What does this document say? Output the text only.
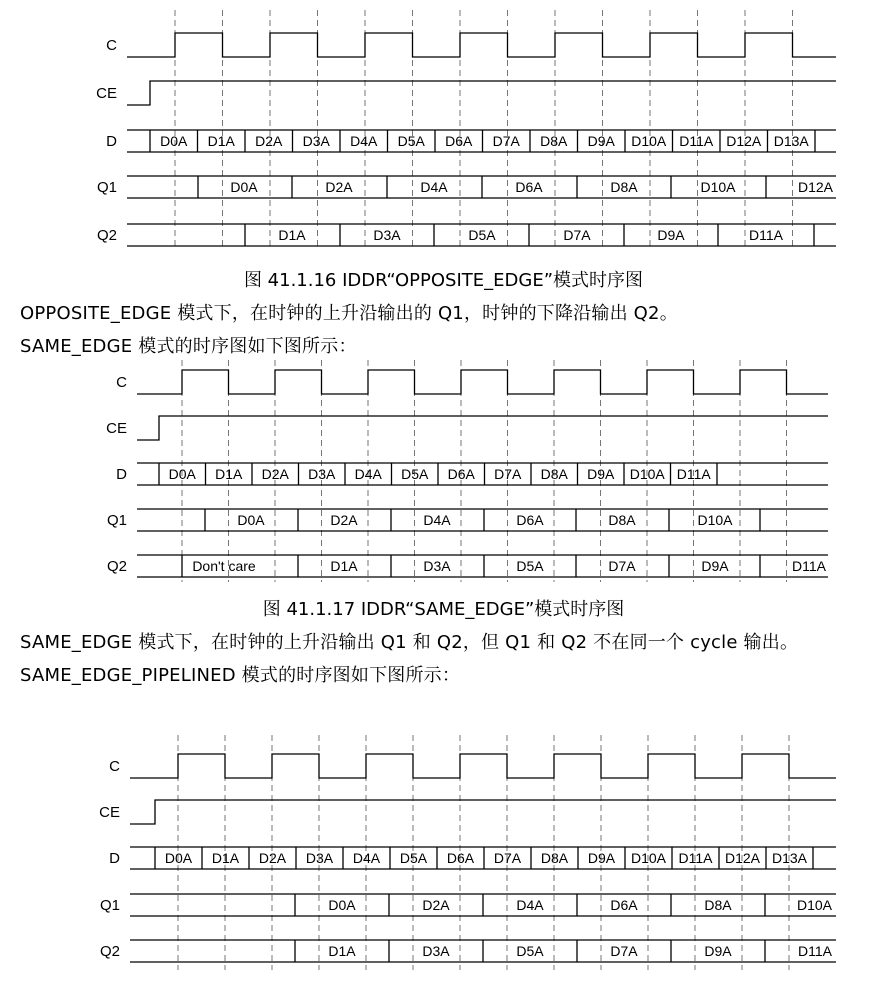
C
CE
D
Q1
Q2
D0A D1A D2A D3A D4A D5A D6A D7A D8A D9A D10A D11A D12A D13A
D0A	D2A	D4A	D6A	D8A	D10A	D12A
D1A	D3A	D5A	D7A	D9A	D11A
C
CE
D
Q1
Q2
D0A D1A D2A D3A D4A D5A D6A D7A D8A D9A D10A D11A
D0A	D2A	D4A	D6A	D8A	D10A
Don't care	D1A	D3A	D5A	D7A	D9A	D11A
C
CE
D
Q1
Q2
D0A D1A D2A D3A D4A D5A D6A D7A D8A D9A D10A D11A D12A D13A
D0A	D2A	D4A	D6A	D8A	D10A
D1A	D3A	D5A	D7A	D9A	D11A
图 41.1.16 IDDR“OPPOSITE_EDGE”模式时序图
OPPOSITE_EDGE 模式下，在时钟的上升沿输出的 Q1，时钟的下降沿输出 Q2。
SAME_EDGE 模式的时序图如下图所示：
图 41.1.17 IDDR“SAME_EDGE”模式时序图
SAME_EDGE 模式下，在时钟的上升沿输出 Q1 和 Q2，但 Q1 和 Q2 不在同一个 cycle 输出。
SAME_EDGE_PIPELINED 模式的时序图如下图所示：
